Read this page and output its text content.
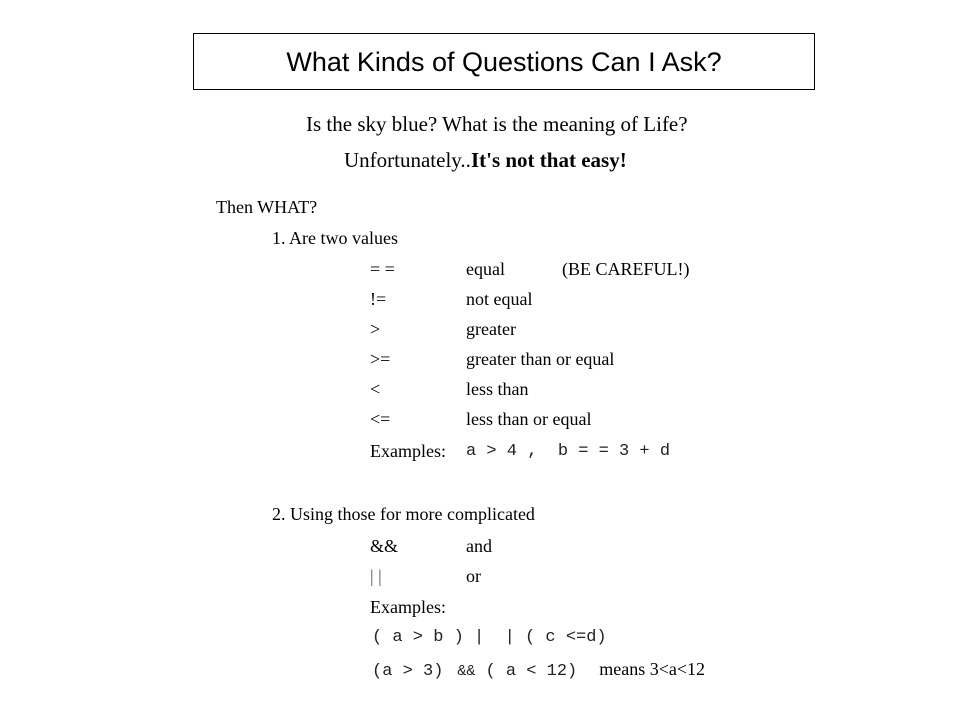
What Kinds of Questions Can I Ask?
Is the sky blue? What is the meaning of Life?
Unfortunately..It's not that easy!
Then WHAT?
1. Are two values
= =	equal	(BE CAREFUL!)
!=	not equal
>	greater
>=	greater than or equal
<	less than
<=	less than or equal
Examples: a > 4 ,  b = = 3 + d
2. Using those for more complicated
&&	and
| |	or
Examples:
( a > b ) |  | ( c <=d)
(a > 3) && ( a < 12) means 3<a<12
